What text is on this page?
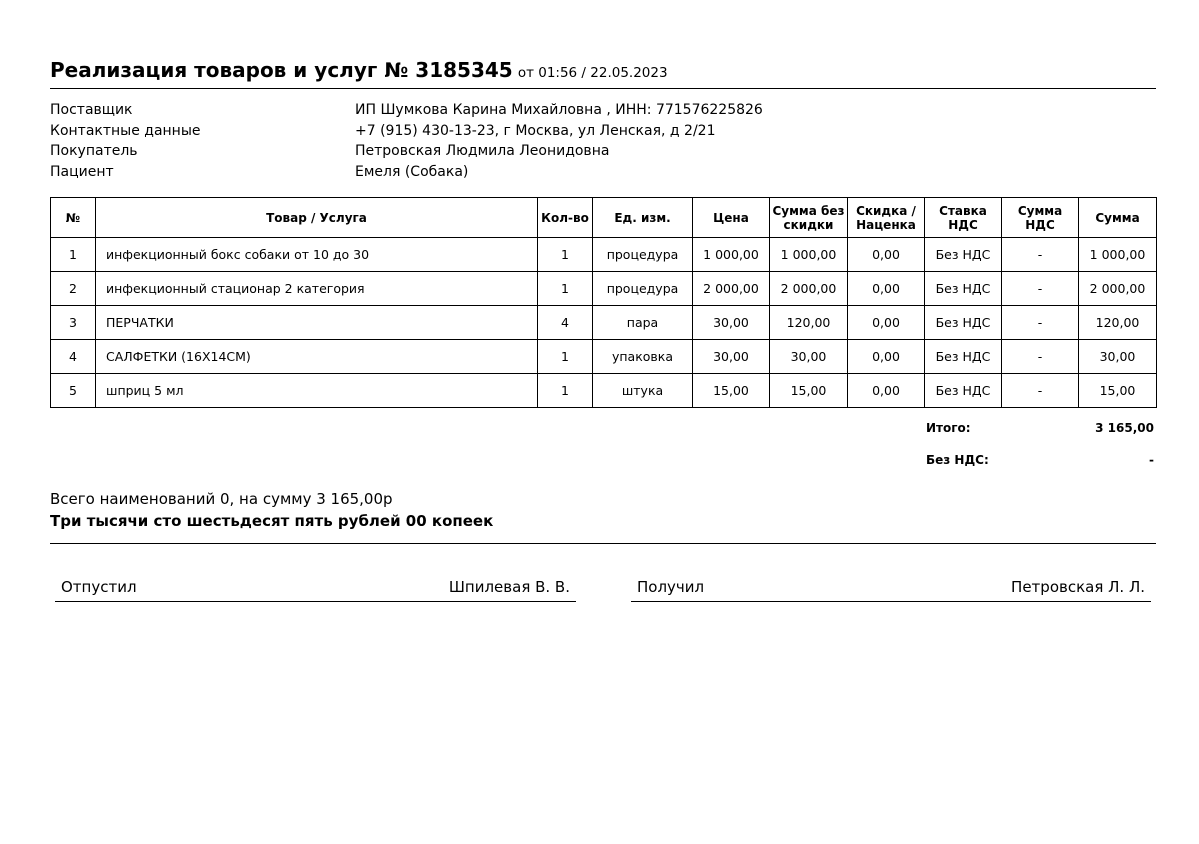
Реализация товаров и услуг № 3185345 от 01:56 / 22.05.2023
Поставщик	ИП Шумкова Карина Михайловна , ИНН: 771576225826
Контактные данные	+7 (915) 430-13-23, г Москва, ул Ленская, д 2/21
Покупатель	Петровская Людмила Леонидовна
Пациент	Емеля (Собака)
№	Товар / Услуга	Кол-во	Ед. изм.	Цена	Сумма без скидки	Скидка / Наценка	Ставка НДС	Сумма НДС	Сумма
1	инфекционный бокс собаки от 10 до 30	1	процедура	1 000,00	1 000,00	0,00	Без НДС	-	1 000,00
2	инфекционный стационар 2 категория	1	процедура	2 000,00	2 000,00	0,00	Без НДС	-	2 000,00
3	ПЕРЧАТКИ	4	пара	30,00	120,00	0,00	Без НДС	-	120,00
4	САЛФЕТКИ (16Х14СМ)	1	упаковка	30,00	30,00	0,00	Без НДС	-	30,00
5	шприц 5 мл	1	штука	15,00	15,00	0,00	Без НДС	-	15,00
Итого:	3 165,00
Без НДС:	-
Всего наименований 0, на сумму 3 165,00р
Три тысячи сто шестьдесят пять рублей 00 копеек
Отпустил	Шпилевая В. В.	Получил	Петровская Л. Л.
